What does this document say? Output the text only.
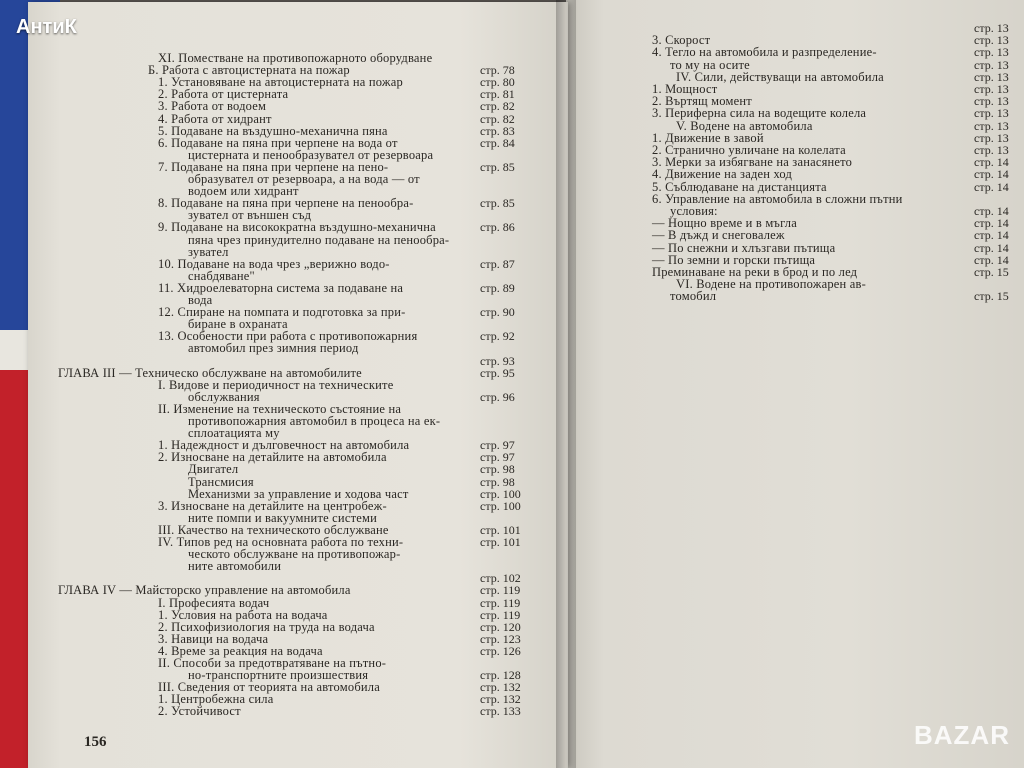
стр. 13
3. Скорост	стр. 13
4. Тегло на автомобила и разпределение-	стр. 13
то му на осите	стр. 13
IV. Сили, действуващи на автомобила	стр. 13
1. Мощност	стр. 13
2. Въртящ момент	стр. 13
3. Периферна сила на водещите колела	стр. 13
V. Водене на автомобила	стр. 13
1. Движение в завой	стр. 13
2. Странично увличане на колелата	стр. 13
3. Мерки за избягване на занасянето	стр. 14
4. Движение на заден ход	стр. 14
5. Съблюдаване на дистанцията	стр. 14
6. Управление на автомобила в сложни пътни
условия:	стр. 14
— Нощно време и в мъгла	стр. 14
— В дъжд и снеговалеж	стр. 14
— По снежни и хлъзгави пътища	стр. 14
— По земни и горски пътища	стр. 14
Преминаване на реки в брод и по лед	стр. 15
VI. Водене на противопожарен ав-
томобил	стр. 15
156
XI. Поместване на противопожарното оборудване
Б. Работа с автоцистерната на пожар	стр. 78
1. Установяване на автоцистерната на пожар	стр. 80
2. Работа от цистерната	стр. 81
3. Работа от водоем	стр. 82
4. Работа от хидрант	стр. 82
5. Подаване на въздушно-механична пяна	стр. 83
6. Подаване на пяна при черпене на вода от	стр. 84
цистерната и пенообразувател от резервоара
7. Подаване на пяна при черпене на пено-	стр. 85
образувател от резервоара, а на вода — от
водоем или хидрант
8. Подаване на пяна при черпене на пенообра-	стр. 85
зувател от външен съд
9. Подаване на високократна въздушно-механична	стр. 86
пяна чрез принудително подаване на пенообра-
зувател
10. Подаване на вода чрез „верижно водо-	стр. 87
снабдяване"
11. Хидроелеваторна система за подаване на	стр. 89
вода
12. Спиране на помпата и подготовка за при-	стр. 90
биране в охраната
13. Особености при работа с противопожарния	стр. 92
автомобил през зимния период
стр. 93
ГЛАВА III — Техническо обслужване на автомобилите	стр. 95
I. Видове и периодичност на техническите
обслужвания	стр. 96
II. Изменение на техническото състояние на
противопожарния автомобил в процеса на ек-
сплоатацията му
1. Надеждност и дълговечност на автомобила	стр. 97
2. Износване на детайлите на автомобила	стр. 97
Двигател	стр. 98
Трансмисия	стр. 98
Механизми за управление и ходова част	стр. 100
3. Износване на детайлите на центробеж-	стр. 100
ните помпи и вакуумните системи
III. Качество на техническото обслужване	стр. 101
IV. Типов ред на основната работа по техни-	стр. 101
ческото обслужване на противопожар-
ните автомобили
стр. 102
ГЛАВА IV — Майсторско управление на автомобила	стр. 119
I. Професията водач	стр. 119
1. Условия на работа на водача	стр. 119
2. Психофизиология на труда на водача	стр. 120
3. Навици на водача	стр. 123
4. Време за реакция на водача	стр. 126
II. Способи за предотвратяване на пътно-
но-транспортните произшествия	стр. 128
III. Сведения от теорията на автомобила	стр. 132
1. Центробежна сила	стр. 132
2. Устойчивост	стр. 133
АнтиК
BAZAR
